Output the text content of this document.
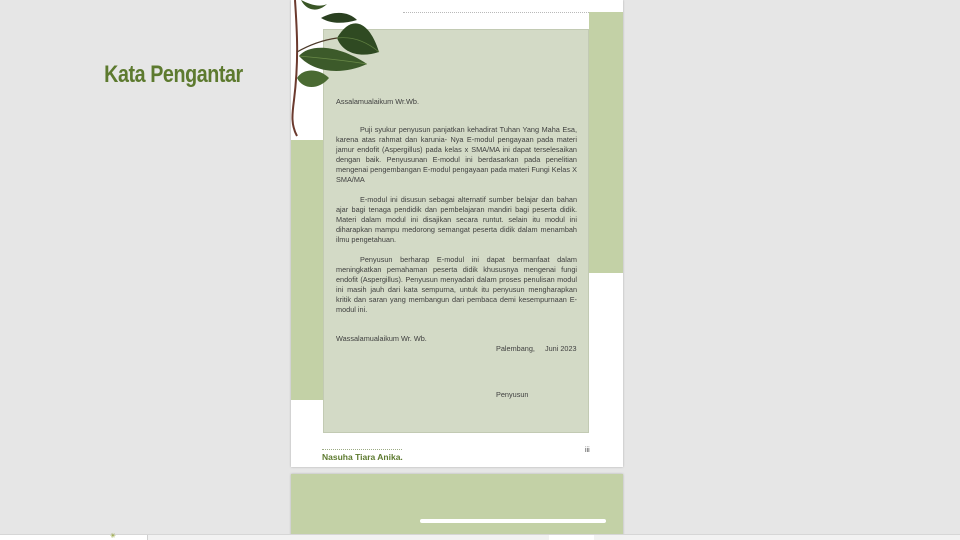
Nasuha Tiara Anika.
iii
Kata Pengantar
Assalamualaikum Wr.Wb.
Puji syukur penyusun panjatkan kehadirat Tuhan Yang Maha Esa, karena atas rahmat dan karunia- Nya E-modul pengayaan pada materi jamur endofit (Aspergillus) pada kelas x SMA/MA ini dapat terselesaikan dengan baik. Penyusunan E-modul ini berdasarkan pada penelitian mengenai pengembangan E-modul pengayaan pada materi Fungi Kelas X SMA/MA
E-modul ini disusun sebagai alternatif sumber belajar dan bahan ajar bagi tenaga pendidik dan pembelajaran mandiri bagi peserta didik. Materi dalam modul ini disajikan secara runtut. selain itu modul ini diharapkan mampu medorong semangat peserta didik dalam menambah ilmu pengetahuan.
Penyusun berharap E-modul ini dapat bermanfaat dalam meningkatkan pemahaman peserta didik khususnya mengenai fungi endofit (Aspergillus). Penyusun menyadari dalam proses penulisan modul ini masih jauh dari kata sempurna, untuk itu penyusun mengharapkan kritik dan saran yang membangun dari pembaca demi kesempurnaan E-modul ini.
Wassalamualaikum Wr. Wb.
Palembang, Juni 2023
Penyusun
✳
